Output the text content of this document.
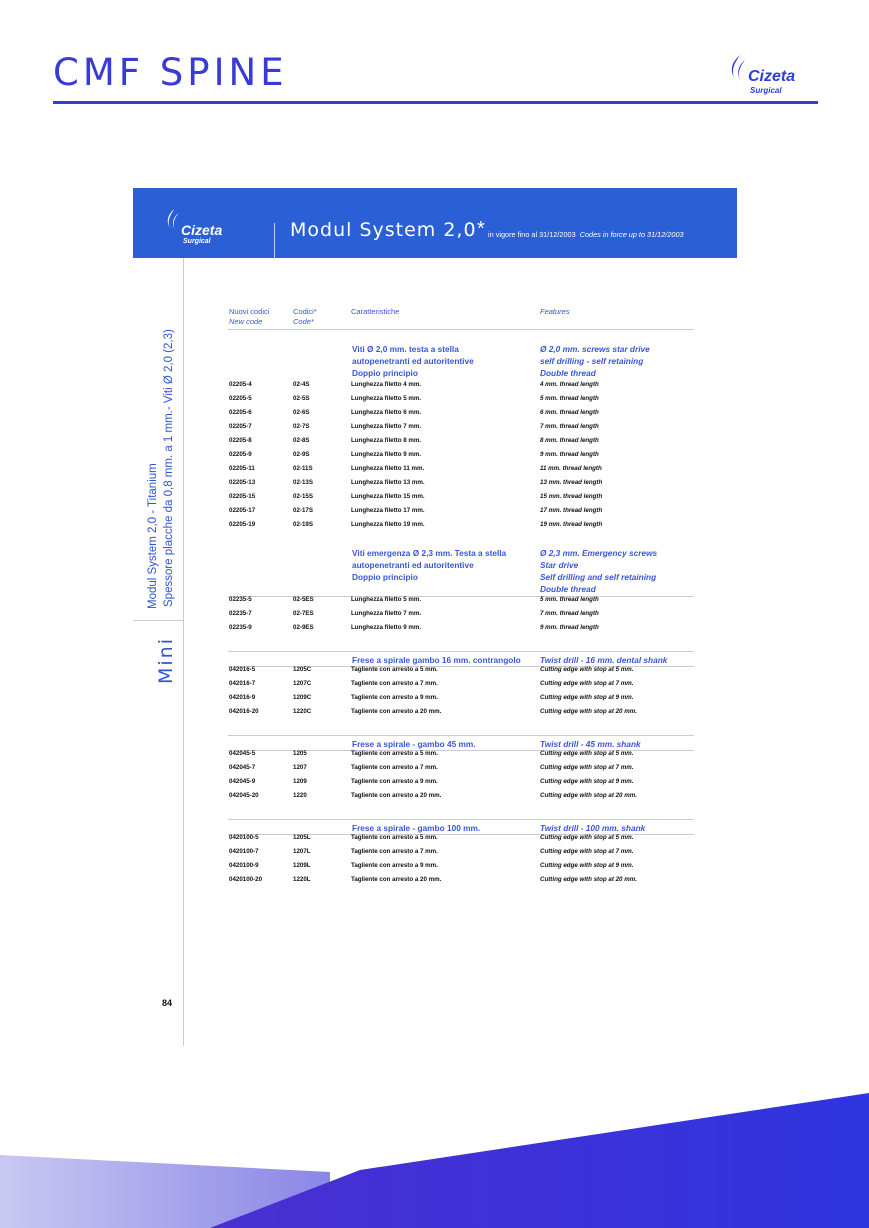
CMF SPINE	Cizeta
Surgical
Cizeta
Surgical
Modul System 2,0 * in vigore fino al 31/12/2003 Codes in force up to 31/12/2003
Modul System 2,0 - Titanium Spessore placche da 0,8 mm. a 1 mm.- Viti Ø 2,0 (2,3)
Mini
84
Nuovi codici
New code
Codici*
Code*
Caratteristiche	Features
Viti Ø 2,0 mm. testa a stella
autopenetranti ed autoritentive
Doppio principio
Ø 2,0 mm. screws star drive
self drilling - self retaining
Double thread
02205-4	02-4S	Lunghezza filetto 4 mm.	4 mm. thread length
02205-5	02-5S	Lunghezza filetto 5 mm.	5 mm. thread length
02205-6	02-6S	Lunghezza filetto 6 mm.	6 mm. thread length
02205-7	02-7S	Lunghezza filetto 7 mm.	7 mm. thread length
02205-8	02-8S	Lunghezza filetto 8 mm.	8 mm. thread length
02205-9	02-9S	Lunghezza filetto 9 mm.	9 mm. thread length
02205-11	02-11S	Lunghezza filetto 11 mm.	11 mm. thread length
02205-13	02-13S	Lunghezza filetto 13 mm.	13 mm. thread length
02205-15	02-15S	Lunghezza filetto 15 mm.	15 mm. thread length
02205-17	02-17S	Lunghezza filetto 17 mm.	17 mm. thread length
02205-19	02-19S	Lunghezza filetto 19 mm.	19 mm. thread length
Viti emergenza Ø 2,3 mm. Testa a stella
autopenetranti ed autoritentive
Doppio principio
Ø 2,3 mm. Emergency screws
Star drive
Self drilling and self retaining
Double thread
02235-5	02-5ES	Lunghezza filetto 5 mm.	5 mm. thread length
02235-7	02-7ES	Lunghezza filetto 7 mm.	7 mm. thread length
02235-9	02-9ES	Lunghezza filetto 9 mm.	9 mm. thread length
Frese a spirale gambo 16 mm. contrangolo Twist drill - 16 mm. dental shank
042016-5	1205C	Tagliente con arresto a 5 mm.	Cutting edge with stop at 5 mm.
042016-7	1207C	Tagliente con arresto a 7 mm.	Cutting edge with stop at 7 mm.
042016-9	1209C	Tagliente con arresto a 9 mm.	Cutting edge with stop at 9 mm.
042016-20	1220C	Tagliente con arresto a 20 mm.	Cutting edge with stop at 20 mm.
Frese a spirale - gambo 45 mm.	Twist drill - 45 mm. shank
042045-5	1205	Tagliente con arresto a 5 mm.	Cutting edge with stop at 5 mm.
042045-7	1207	Tagliente con arresto a 7 mm.	Cutting edge with stop at 7 mm.
042045-9	1209	Tagliente con arresto a 9 mm.	Cutting edge with stop at 9 mm.
042045-20	1220	Tagliente con arresto a 20 mm.	Cutting edge with stop at 20 mm.
Frese a spirale - gambo 100 mm.	Twist drill - 100 mm. shank
0420100-5	1205L	Tagliente con arresto a 5 mm.	Cutting edge with stop at 5 mm.
0420100-7	1207L	Tagliente con arresto a 7 mm.	Cutting edge with stop at 7 mm.
0420100-9	1209L	Tagliente con arresto a 9 mm.	Cutting edge with stop at 9 mm.
0420100-20	1220L	Tagliente con arresto a 20 mm.	Cutting edge with stop at 20 mm.
